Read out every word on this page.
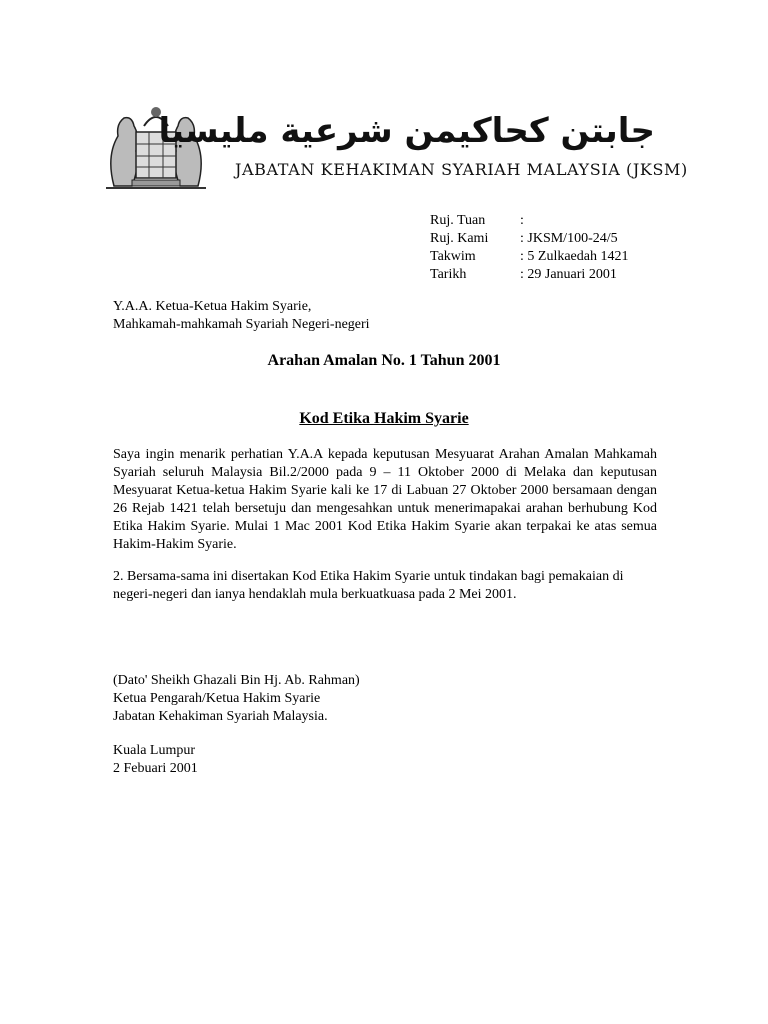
جابتن كحاكيمن شرعية مليسيا
JABATAN KEHAKIMAN SYARIAH MALAYSIA (JKSM)
Ruj. Tuan	:
Ruj. Kami	: JKSM/100-24/5
Takwim	: 5 Zulkaedah 1421
Tarikh	: 29 Januari 2001
Y.A.A. Ketua-Ketua Hakim Syarie,
Mahkamah-mahkamah Syariah Negeri-negeri
Arahan Amalan No. 1 Tahun 2001
Kod Etika Hakim Syarie

Saya ingin menarik perhatian Y.A.A kepada keputusan Mesyuarat Arahan Amalan Mahkamah Syariah seluruh Malaysia Bil.2/2000 pada 9 – 11 Oktober 2000 di Melaka dan keputusan Mesyuarat Ketua-ketua Hakim Syarie kali ke 17 di Labuan 27 Oktober 2000 bersamaan dengan 26 Rejab 1421 telah bersetuju dan mengesahkan untuk menerimapakai arahan berhubung Kod Etika Hakim Syarie. Mulai 1 Mac 2001 Kod Etika Hakim Syarie akan terpakai ke atas semua Hakim-Hakim Syarie.

2. Bersama-sama ini disertakan Kod Etika Hakim Syarie untuk tindakan bagi pemakaian di negeri-negeri dan ianya hendaklah mula berkuatkuasa pada 2 Mei 2001.

(Dato' Sheikh Ghazali Bin Hj. Ab. Rahman)
Ketua Pengarah/Ketua Hakim Syarie
Jabatan Kehakiman Syariah Malaysia.
Kuala Lumpur
2 Febuari 2001
